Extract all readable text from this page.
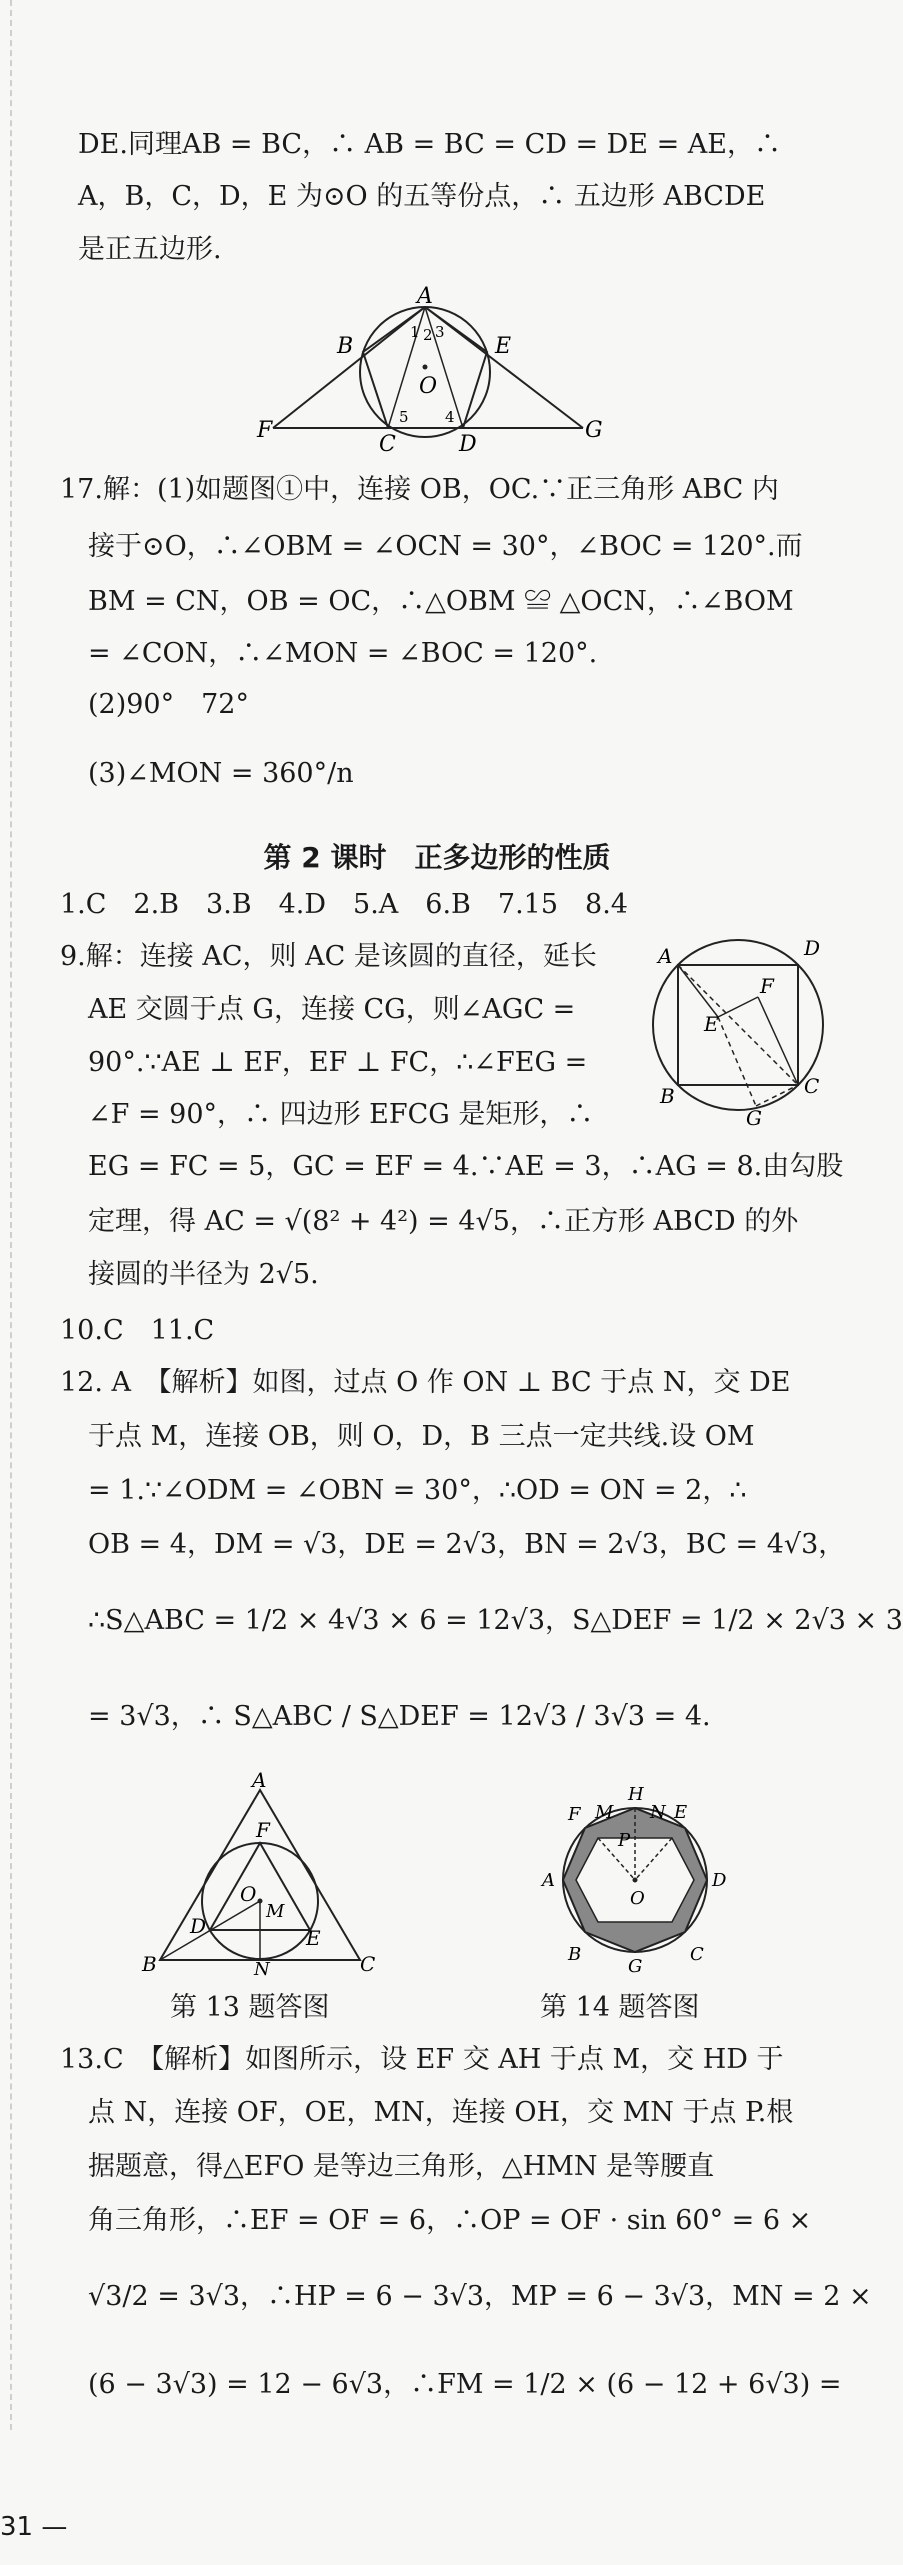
DE.同理AB = BC，∴ AB = BC = CD = DE = AE，∴
A，B，C，D，E 为⊙O 的五等份点，∴ 五边形 ABCDE
是正五边形.
A
B	E
O
F
C	D
G
1 2 3
4
5
17.解：(1)如题图①中，连接 OB，OC.∵正三角形 ABC 内
接于⊙O，∴∠OBM = ∠OCN = 30°，∠BOC = 120°.而
BM = CN，OB = OC，∴△OBM ≌ △OCN，∴∠BOM
= ∠CON，∴∠MON = ∠BOC = 120°.
(2)90°　72°
(3)∠MON = 360°/n
第 2 课时　正多边形的性质
1.C　2.B　3.B　4.D　5.A　6.B　7.15　8.4
9.解：连接 AC，则 AC 是该圆的直径，延长
AE 交圆于点 G，连接 CG，则∠AGC =
90°.∵AE ⊥ EF，EF ⊥ FC，∴∠FEG =
∠F = 90°，∴ 四边形 EFCG 是矩形，∴
A	D
F
E
B
G
C
EG = FC = 5，GC = EF = 4.∵AE = 3，∴AG = 8.由勾股
定理，得 AC = √(8² + 4²) = 4√5，∴正方形 ABCD 的外
接圆的半径为 2√5.
10.C　11.C
12. A　【解析】如图，过点 O 作 ON ⊥ BC 于点 N，交 DE
于点 M，连接 OB，则 O，D，B 三点一定共线.设 OM
= 1.∵∠ODM = ∠OBN = 30°，∴OD = ON = 2，∴
OB = 4，DM = √3，DE = 2√3，BN = 2√3，BC = 4√3，
∴S△ABC = 1/2 × 4√3 × 6 = 12√3，S△DEF = 1/2 × 2√3 × 3
= 3√3，∴ S△ABC / S△DEF = 12√3 / 3√3 = 4.
A
F
O
M
D	E
B	N	C
第 13 题答图
F M
H
N E
P
A
O
D
B
G
C
第 14 题答图
13.C　【解析】如图所示，设 EF 交 AH 于点 M，交 HD 于
点 N，连接 OF，OE，MN，连接 OH，交 MN 于点 P.根
据题意，得△EFO 是等边三角形，△HMN 是等腰直
角三角形，∴EF = OF = 6，∴OP = OF · sin 60° = 6 ×
√3/2 = 3√3，∴HP = 6 − 3√3，MP = 6 − 3√3，MN = 2 ×
(6 − 3√3) = 12 − 6√3，∴FM = 1/2 × (6 − 12 + 6√3) =
31 —
